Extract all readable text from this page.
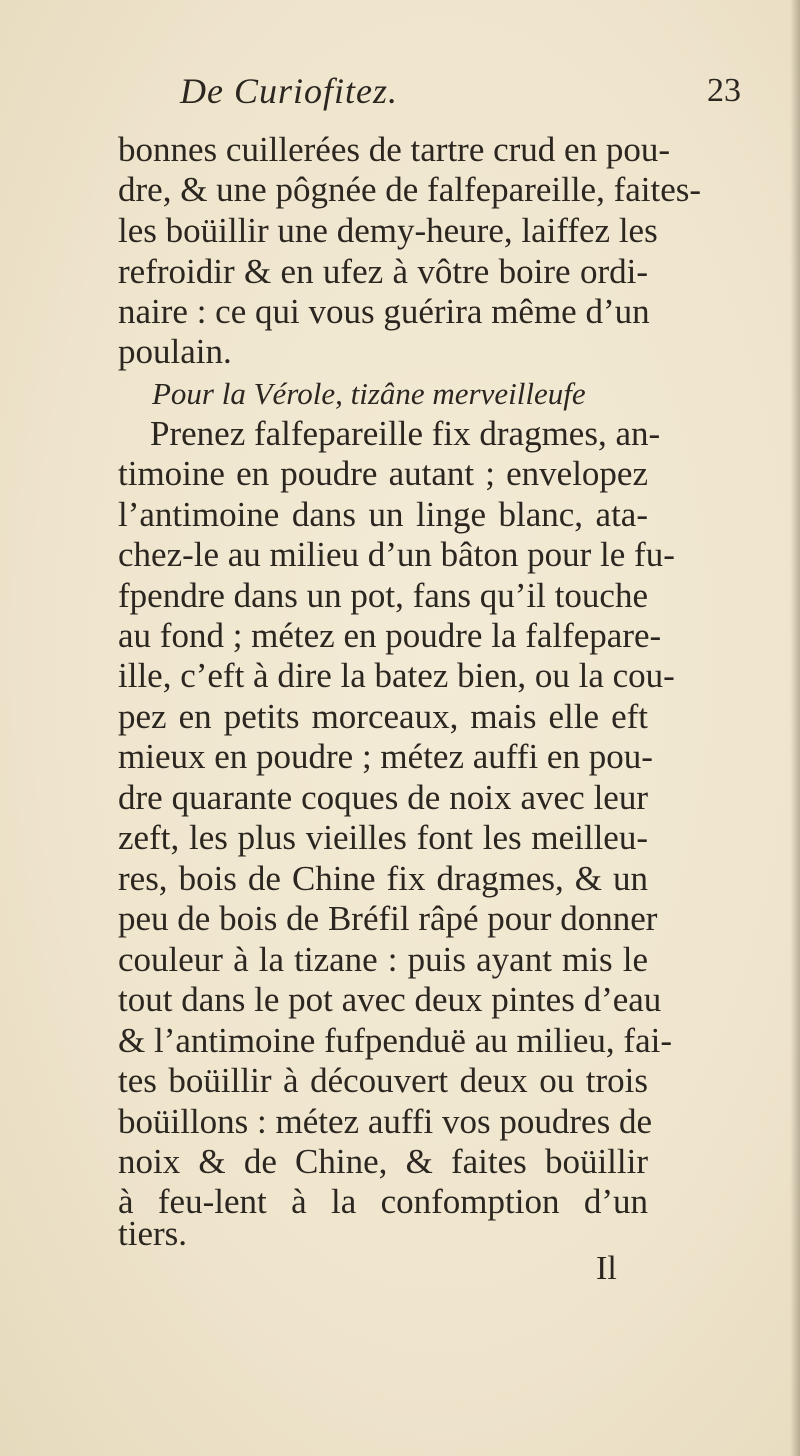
De Curiofitez.	23
bonnes cuillerées de tartre crud en pou-
dre, & une pôgnée de falfepareille, faites-
les boüillir une demy-heure, laiffez les
refroidir & en ufez à vôtre boire ordi-
naire : ce qui vous guérira même d’un
poulain.
Pour la Vérole, tizâne merveilleufe
Prenez falfepareille fix dragmes, an-
timoine en poudre autant ; envelopez
l’antimoine dans un linge blanc, ata-
chez-le au milieu d’un bâton pour le fu-
fpendre dans un pot, fans qu’il touche
au fond ; métez en poudre la falfepare-
ille, c’eft à dire la batez bien, ou la cou-
pez en petits morceaux, mais elle eft
mieux en poudre ; métez auffi en pou-
dre quarante coques de noix avec leur
zeft, les plus vieilles font les meilleu-
res, bois de Chine fix dragmes, & un
peu de bois de Bréfil râpé pour donner
couleur à la tizane : puis ayant mis le
tout dans le pot avec deux pintes d’eau
& l’antimoine fufpenduë au milieu, fai-
tes boüillir à découvert deux ou trois
boüillons : métez auffi vos poudres de
noix & de Chine, & faites boüillir
à feu-lent à la confomption d’un
tiers.
Il
